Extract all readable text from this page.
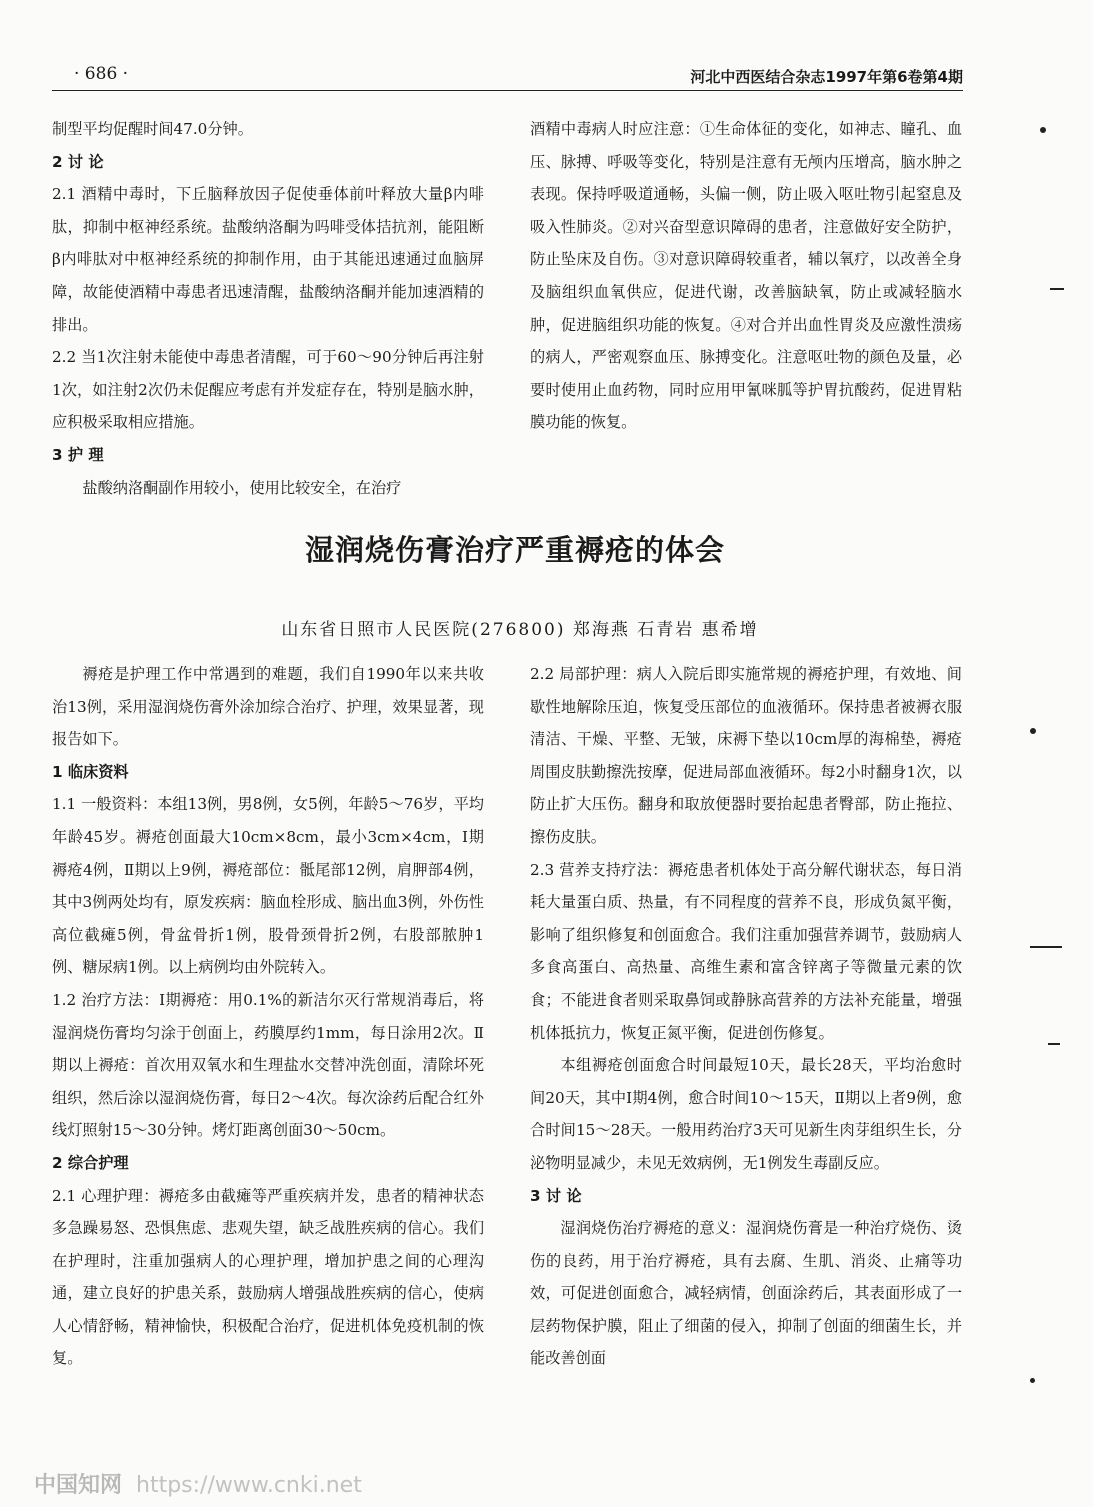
· 686 ·	河北中西医结合杂志1997年第6卷第4期

制型平均促醒时间47.0分钟。

2 讨 论

2.1 酒精中毒时，下丘脑释放因子促使垂体前叶释放大量β内啡肽，抑制中枢神经系统。盐酸纳洛酮为吗啡受体拮抗剂，能阻断β内啡肽对中枢神经系统的抑制作用，由于其能迅速通过血脑屏障，故能使酒精中毒患者迅速清醒，盐酸纳洛酮并能加速酒精的排出。

2.2 当1次注射未能使中毒患者清醒，可于60～90分钟后再注射1次，如注射2次仍未促醒应考虑有并发症存在，特别是脑水肿，应积极采取相应措施。

3 护 理

盐酸纳洛酮副作用较小，使用比较安全，在治疗

酒精中毒病人时应注意：①生命体征的变化，如神志、瞳孔、血压、脉搏、呼吸等变化，特别是注意有无颅内压增高，脑水肿之表现。保持呼吸道通畅，头偏一侧，防止吸入呕吐物引起窒息及吸入性肺炎。②对兴奋型意识障碍的患者，注意做好安全防护，防止坠床及自伤。③对意识障碍较重者，辅以氧疗，以改善全身及脑组织血氧供应，促进代谢，改善脑缺氧，防止或减轻脑水肿，促进脑组织功能的恢复。④对合并出血性胃炎及应激性溃疡的病人，严密观察血压、脉搏变化。注意呕吐物的颜色及量，必要时使用止血药物，同时应用甲氰咪胍等护胃抗酸药，促进胃粘膜功能的恢复。

湿润烧伤膏治疗严重褥疮的体会
山东省日照市人民医院(276800) 郑海燕 石青岩 惠希增

褥疮是护理工作中常遇到的难题，我们自1990年以来共收治13例，采用湿润烧伤膏外涂加综合治疗、护理，效果显著，现报告如下。

1 临床资料

1.1 一般资料：本组13例，男8例，女5例，年龄5～76岁，平均年龄45岁。褥疮创面最大10cm×8cm，最小3cm×4cm，Ⅰ期褥疮4例，Ⅱ期以上9例，褥疮部位：骶尾部12例，肩胛部4例，其中3例两处均有，原发疾病：脑血栓形成、脑出血3例，外伤性高位截瘫5例，骨盆骨折1例，股骨颈骨折2例，右股部脓肿1例、糖尿病1例。以上病例均由外院转入。

1.2 治疗方法：Ⅰ期褥疮：用0.1%的新洁尔灭行常规消毒后，将湿润烧伤膏均匀涂于创面上，药膜厚约1mm，每日涂用2次。Ⅱ期以上褥疮：首次用双氧水和生理盐水交替冲洗创面，清除坏死组织，然后涂以湿润烧伤膏，每日2～4次。每次涂药后配合红外线灯照射15～30分钟。烤灯距离创面30～50cm。

2 综合护理

2.1 心理护理：褥疮多由截瘫等严重疾病并发，患者的精神状态多急躁易怒、恐惧焦虑、悲观失望，缺乏战胜疾病的信心。我们在护理时，注重加强病人的心理护理，增加护患之间的心理沟通，建立良好的护患关系，鼓励病人增强战胜疾病的信心，使病人心情舒畅，精神愉快，积极配合治疗，促进机体免疫机制的恢复。

2.2 局部护理：病人入院后即实施常规的褥疮护理，有效地、间歇性地解除压迫，恢复受压部位的血液循环。保持患者被褥衣服清洁、干燥、平整、无皱，床褥下垫以10cm厚的海棉垫，褥疮周围皮肤勤擦洗按摩，促进局部血液循环。每2小时翻身1次，以防止扩大压伤。翻身和取放便器时要抬起患者臀部，防止拖拉、擦伤皮肤。

2.3 营养支持疗法：褥疮患者机体处于高分解代谢状态，每日消耗大量蛋白质、热量，有不同程度的营养不良，形成负氮平衡，影响了组织修复和创面愈合。我们注重加强营养调节，鼓励病人多食高蛋白、高热量、高维生素和富含锌离子等微量元素的饮食；不能进食者则采取鼻饲或静脉高营养的方法补充能量，增强机体抵抗力，恢复正氮平衡，促进创伤修复。

本组褥疮创面愈合时间最短10天，最长28天，平均治愈时间20天，其中Ⅰ期4例，愈合时间10～15天，Ⅱ期以上者9例，愈合时间15～28天。一般用药治疗3天可见新生肉芽组织生长，分泌物明显减少，未见无效病例，无1例发生毒副反应。

3 讨 论

湿润烧伤治疗褥疮的意义：湿润烧伤膏是一种治疗烧伤、烫伤的良药，用于治疗褥疮，具有去腐、生肌、消炎、止痛等功效，可促进创面愈合，减轻病情，创面涂药后，其表面形成了一层药物保护膜，阻止了细菌的侵入，抑制了创面的细菌生长，并能改善创面

中国知网 https://www.cnki.net
